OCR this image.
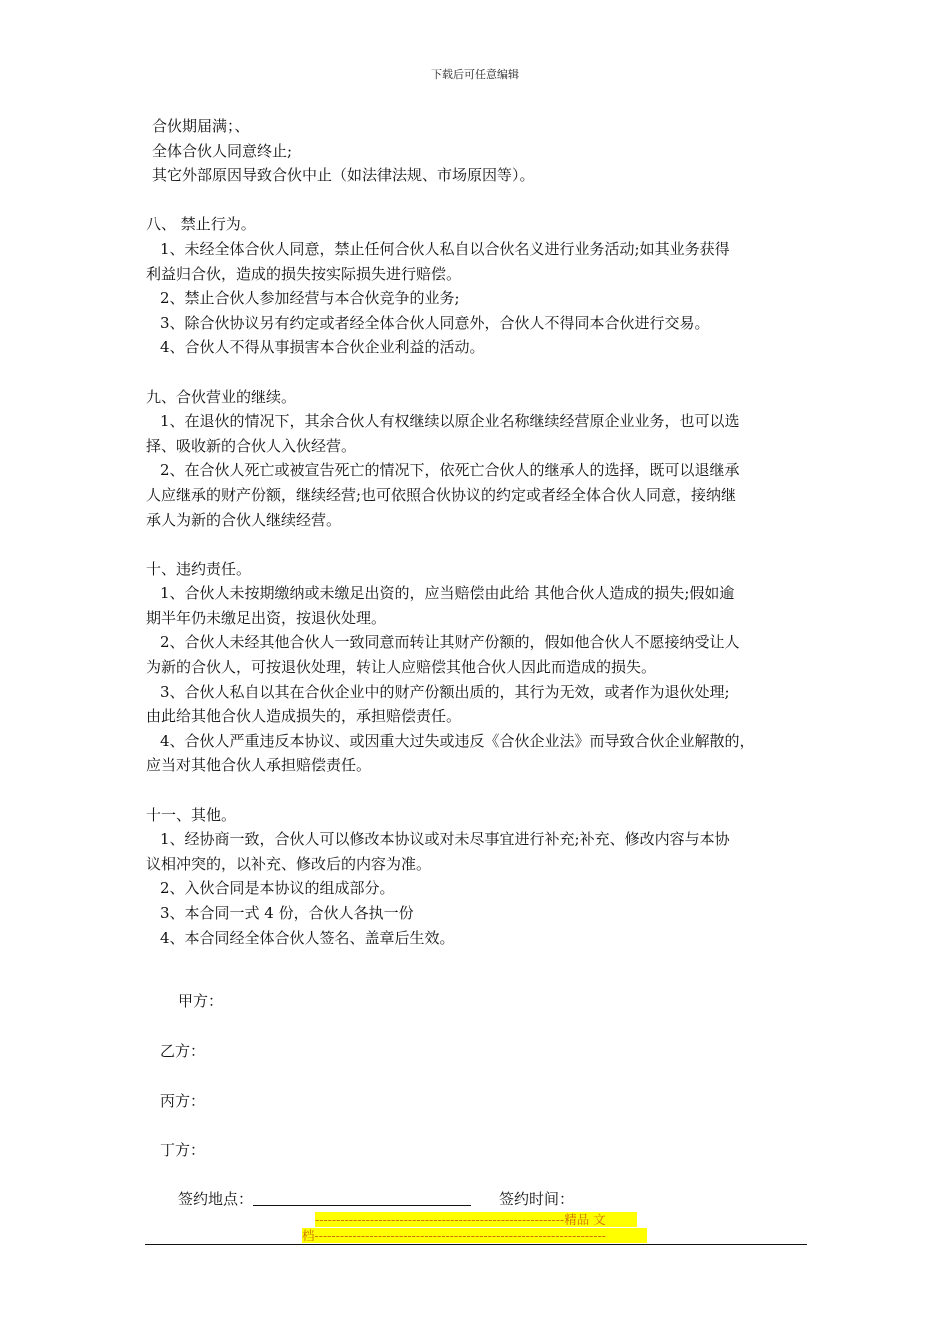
下载后可任意编辑
合伙期届满；、
全体合伙人同意终止;
其它外部原因导致合伙中止（如法律法规、市场原因等）。
八、 禁止行为。
1、未经全体合伙人同意，禁止任何合伙人私自以合伙名义进行业务活动;如其业务获得
利益归合伙，造成的损失按实际损失进行赔偿。
2、禁止合伙人参加经营与本合伙竞争的业务;
3、除合伙协议另有约定或者经全体合伙人同意外，合伙人不得同本合伙进行交易。
4、合伙人不得从事损害本合伙企业利益的活动。
九、合伙营业的继续。
1、在退伙的情况下，其余合伙人有权继续以原企业名称继续经营原企业业务，也可以选
择、吸收新的合伙人入伙经营。
2、在合伙人死亡或被宣告死亡的情况下，依死亡合伙人的继承人的选择，既可以退继承
人应继承的财产份额，继续经营;也可依照合伙协议的约定或者经全体合伙人同意，接纳继
承人为新的合伙人继续经营。
十、违约责任。
1、合伙人未按期缴纳或未缴足出资的，应当赔偿由此给 其他合伙人造成的损失;假如逾
期半年仍未缴足出资，按退伙处理。
2、合伙人未经其他合伙人一致同意而转让其财产份额的，假如他合伙人不愿接纳受让人
为新的合伙人，可按退伙处理，转让人应赔偿其他合伙人因此而造成的损失。
3、合伙人私自以其在合伙企业中的财产份额出质的，其行为无效，或者作为退伙处理;
由此给其他合伙人造成损失的，承担赔偿责任。
4、合伙人严重违反本协议、或因重大过失或违反《合伙企业法》而导致合伙企业解散的，
应当对其他合伙人承担赔偿责任。
十一、其他。
1、经协商一致，合伙人可以修改本协议或对未尽事宜进行补充;补充、修改内容与本协
议相冲突的，以补充、修改后的内容为准。
2、入伙合同是本协议的组成部分。
3、本合同一式 4 份，合伙人各执一份
4、本合同经全体合伙人签名、盖章后生效。
甲方：
乙方：
丙方：
丁方：
签约地点：	签约时间：
-----------------------------------------------------------精品 文
档---------------------------------------------------------------------
